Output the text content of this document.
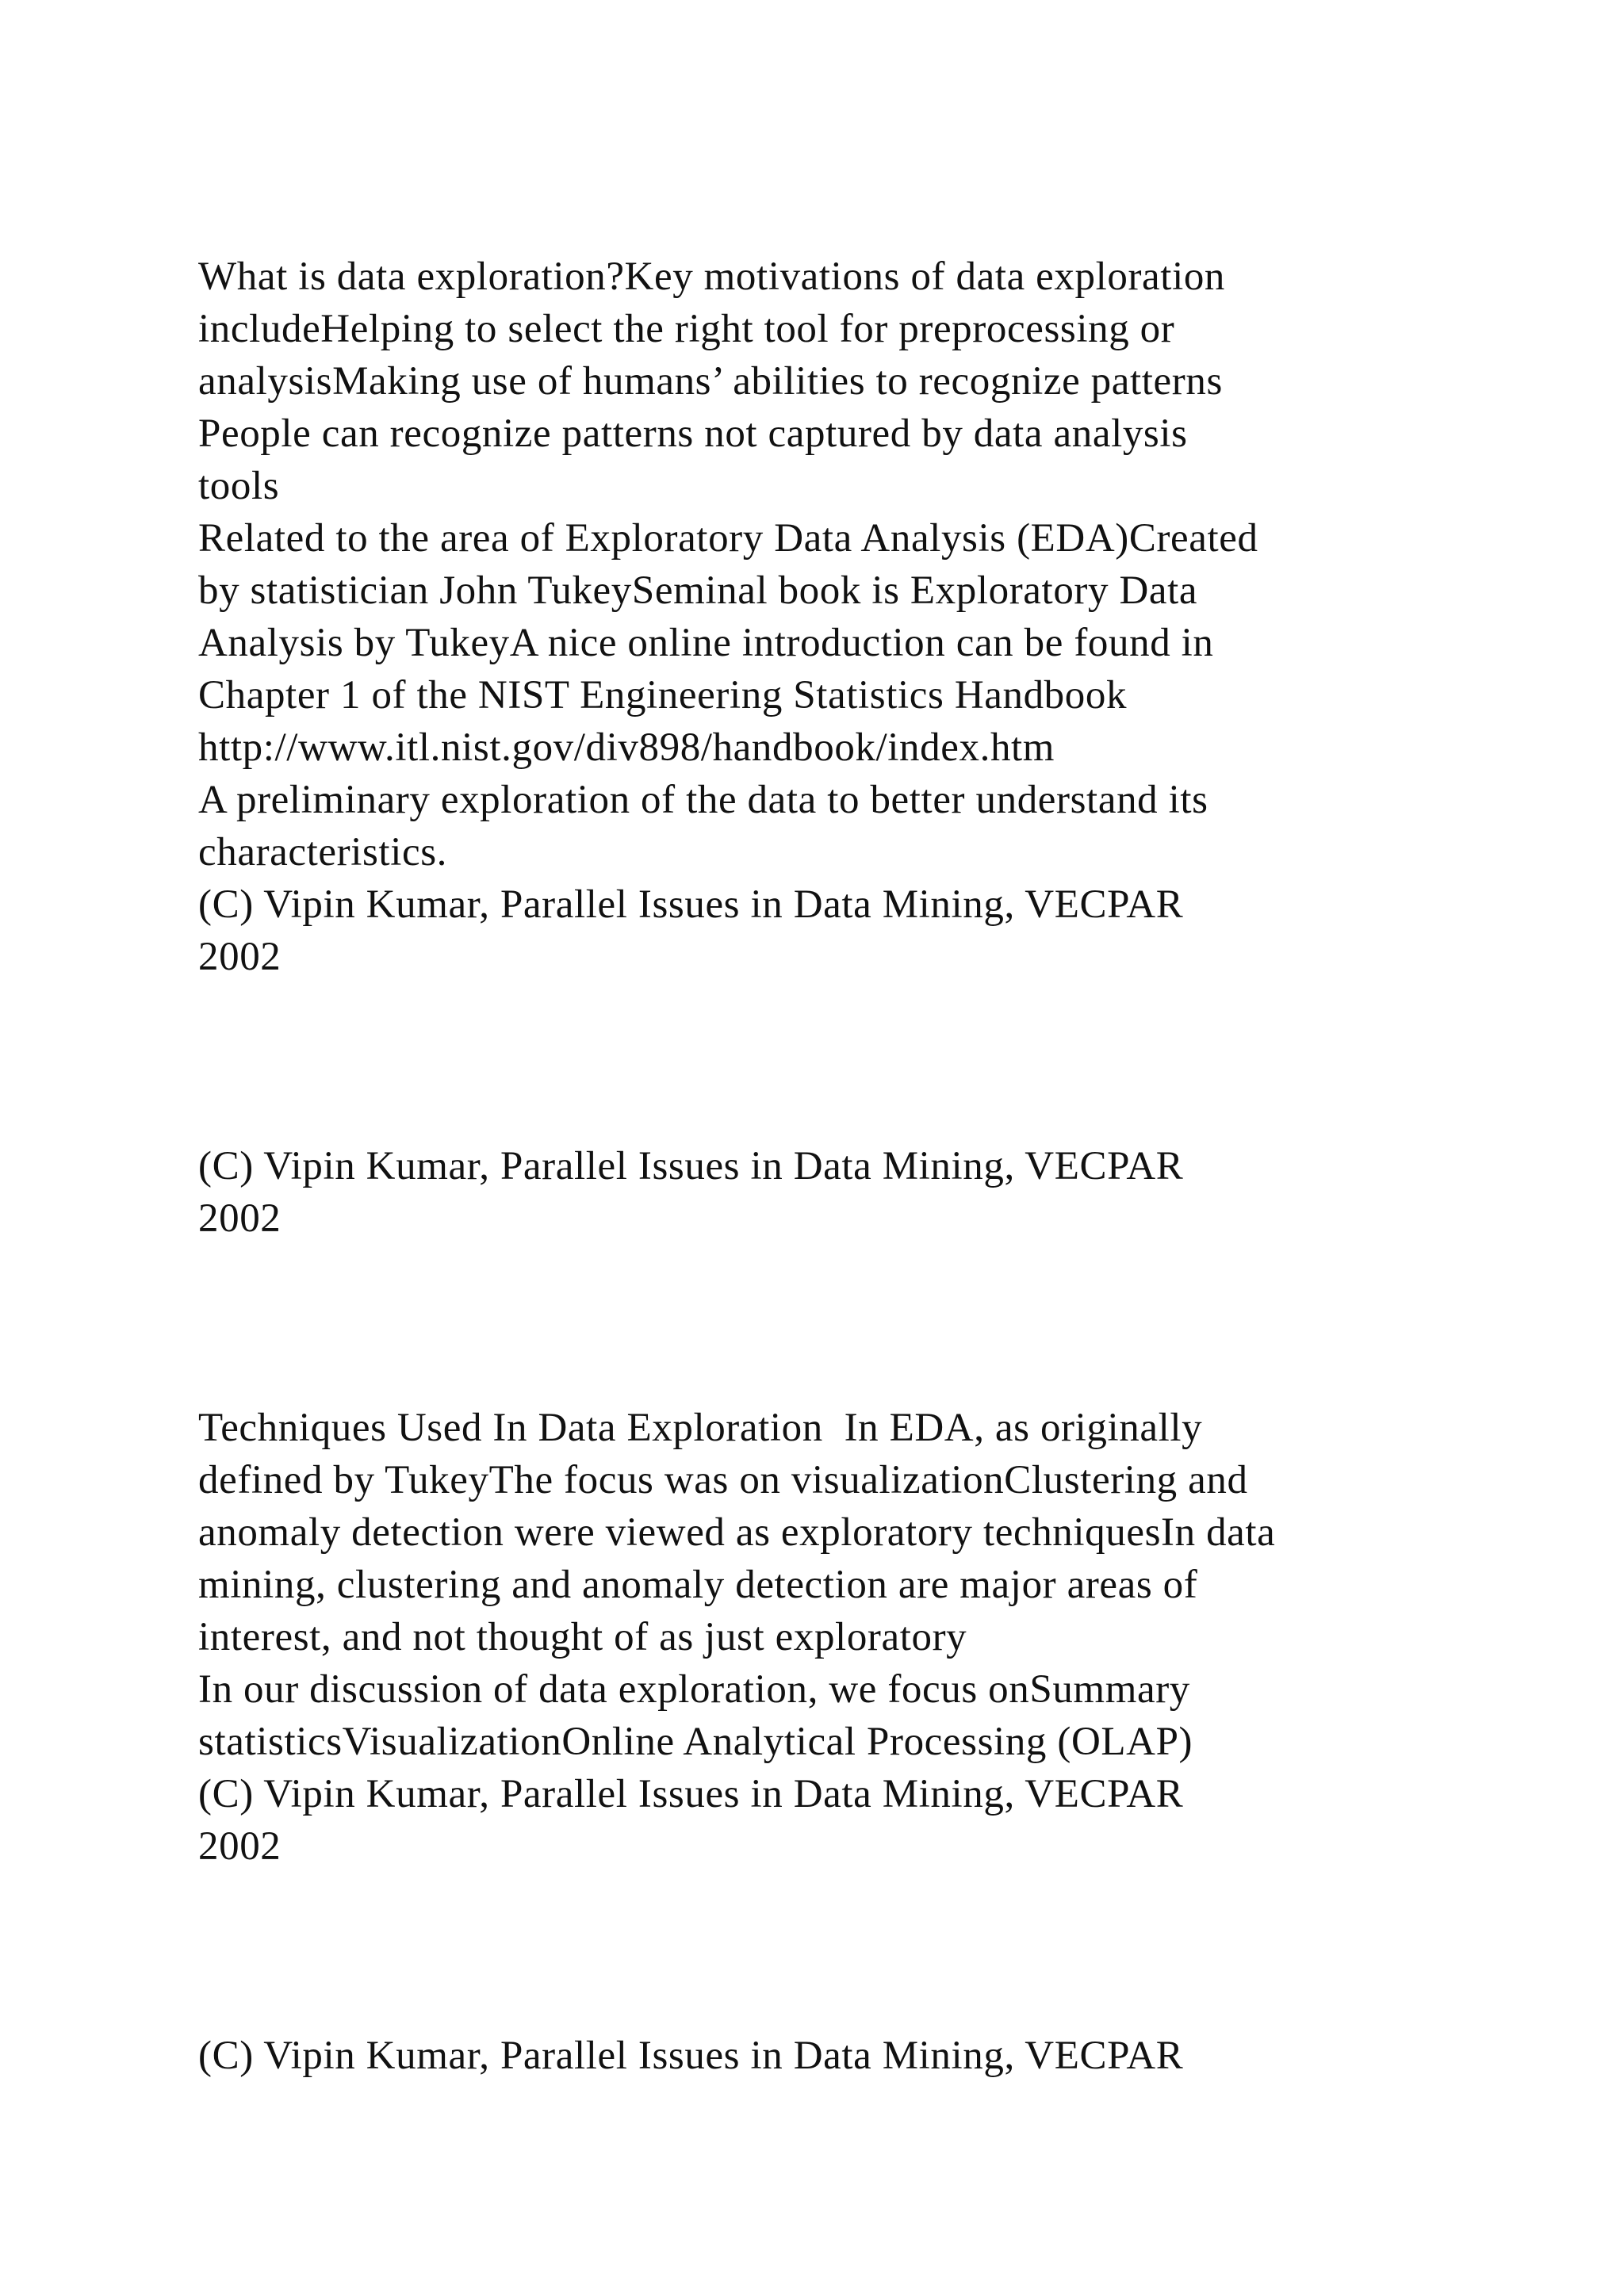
What is data exploration?Key motivations of data exploration

includeHelping to select the right tool for preprocessing or

analysisMaking use of humans’ abilities to recognize patterns

People can recognize patterns not captured by data analysis

tools

Related to the area of Exploratory Data Analysis (EDA)Created

by statistician John TukeySeminal book is Exploratory Data

Analysis by TukeyA nice online introduction can be found in

Chapter 1 of the NIST Engineering Statistics Handbook

http://www.itl.nist.gov/div898/handbook/index.htm

A preliminary exploration of the data to better understand its

characteristics.

(C) Vipin Kumar, Parallel Issues in Data Mining, VECPAR

2002

(C) Vipin Kumar, Parallel Issues in Data Mining, VECPAR

2002

Techniques Used In Data Exploration  In EDA, as originally

defined by TukeyThe focus was on visualizationClustering and

anomaly detection were viewed as exploratory techniquesIn data

mining, clustering and anomaly detection are major areas of

interest, and not thought of as just exploratory

In our discussion of data exploration, we focus onSummary

statisticsVisualizationOnline Analytical Processing (OLAP)

(C) Vipin Kumar, Parallel Issues in Data Mining, VECPAR

2002

(C) Vipin Kumar, Parallel Issues in Data Mining, VECPAR
